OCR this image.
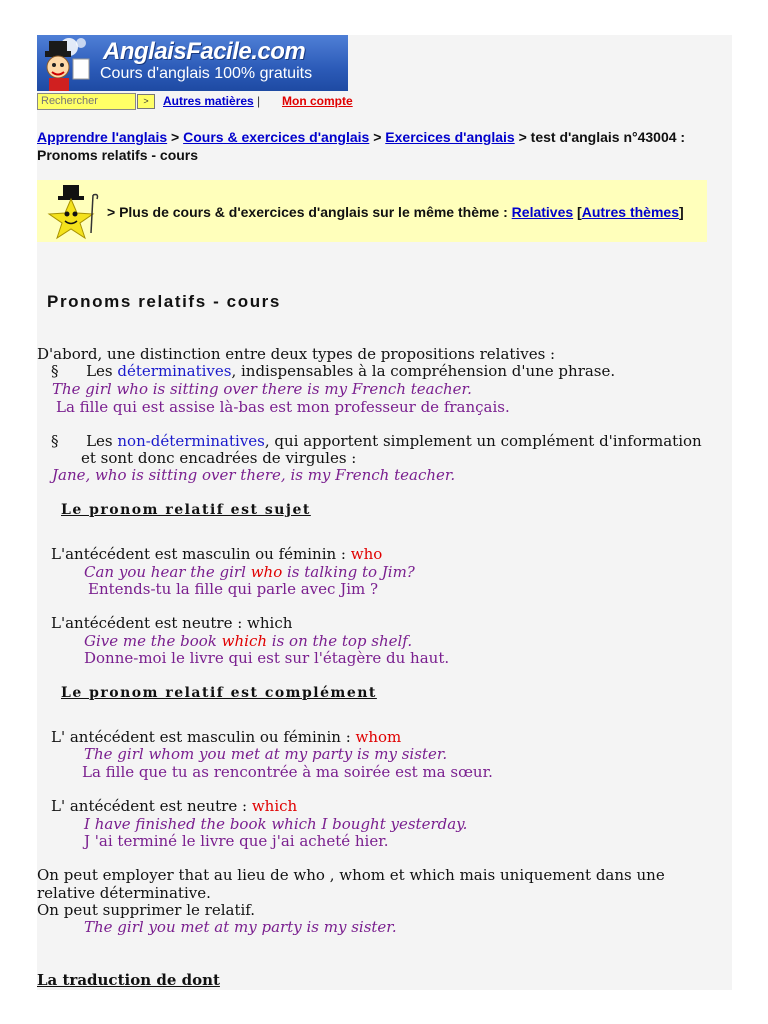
AnglaisFacile.com
Cours d'anglais 100% gratuits
Rechercher	>	Autres matières | Mon compte
Apprendre l'anglais > Cours & exercices d'anglais > Exercices d'anglais > test d'anglais n°43004 :
Pronoms relatifs - cours
> Plus de cours & d'exercices d'anglais sur le même thème : Relatives [Autres thèmes]
Pronoms relatifs - cours
D'abord, une distinction entre deux types de propositions relatives :
§ Les déterminatives, indispensables à la compréhension d'une phrase.
The girl who is sitting over there is my French teacher.
La fille qui est assise là-bas est mon professeur de français.
§ Les non-déterminatives, qui apportent simplement un complément d'information
et sont donc encadrées de virgules :
Jane, who is sitting over there, is my French teacher.
Le pronom relatif est sujet
L'antécédent est masculin ou féminin : who
Can you hear the girl who is talking to Jim?
Entends-tu la fille qui parle avec Jim ?
L'antécédent est neutre : which
Give me the book which is on the top shelf.
Donne-moi le livre qui est sur l'étagère du haut.
Le pronom relatif est complément
L' antécédent est masculin ou féminin : whom
The girl whom you met at my party is my sister.
La fille que tu as rencontrée à ma soirée est ma sœur.
L' antécédent est neutre : which
I have finished the book which I bought yesterday.
J 'ai terminé le livre que j'ai acheté hier.
On peut employer that au lieu de who , whom et which mais uniquement dans une
relative déterminative.
On peut supprimer le relatif.
The girl you met at my party is my sister.
La traduction de dont
